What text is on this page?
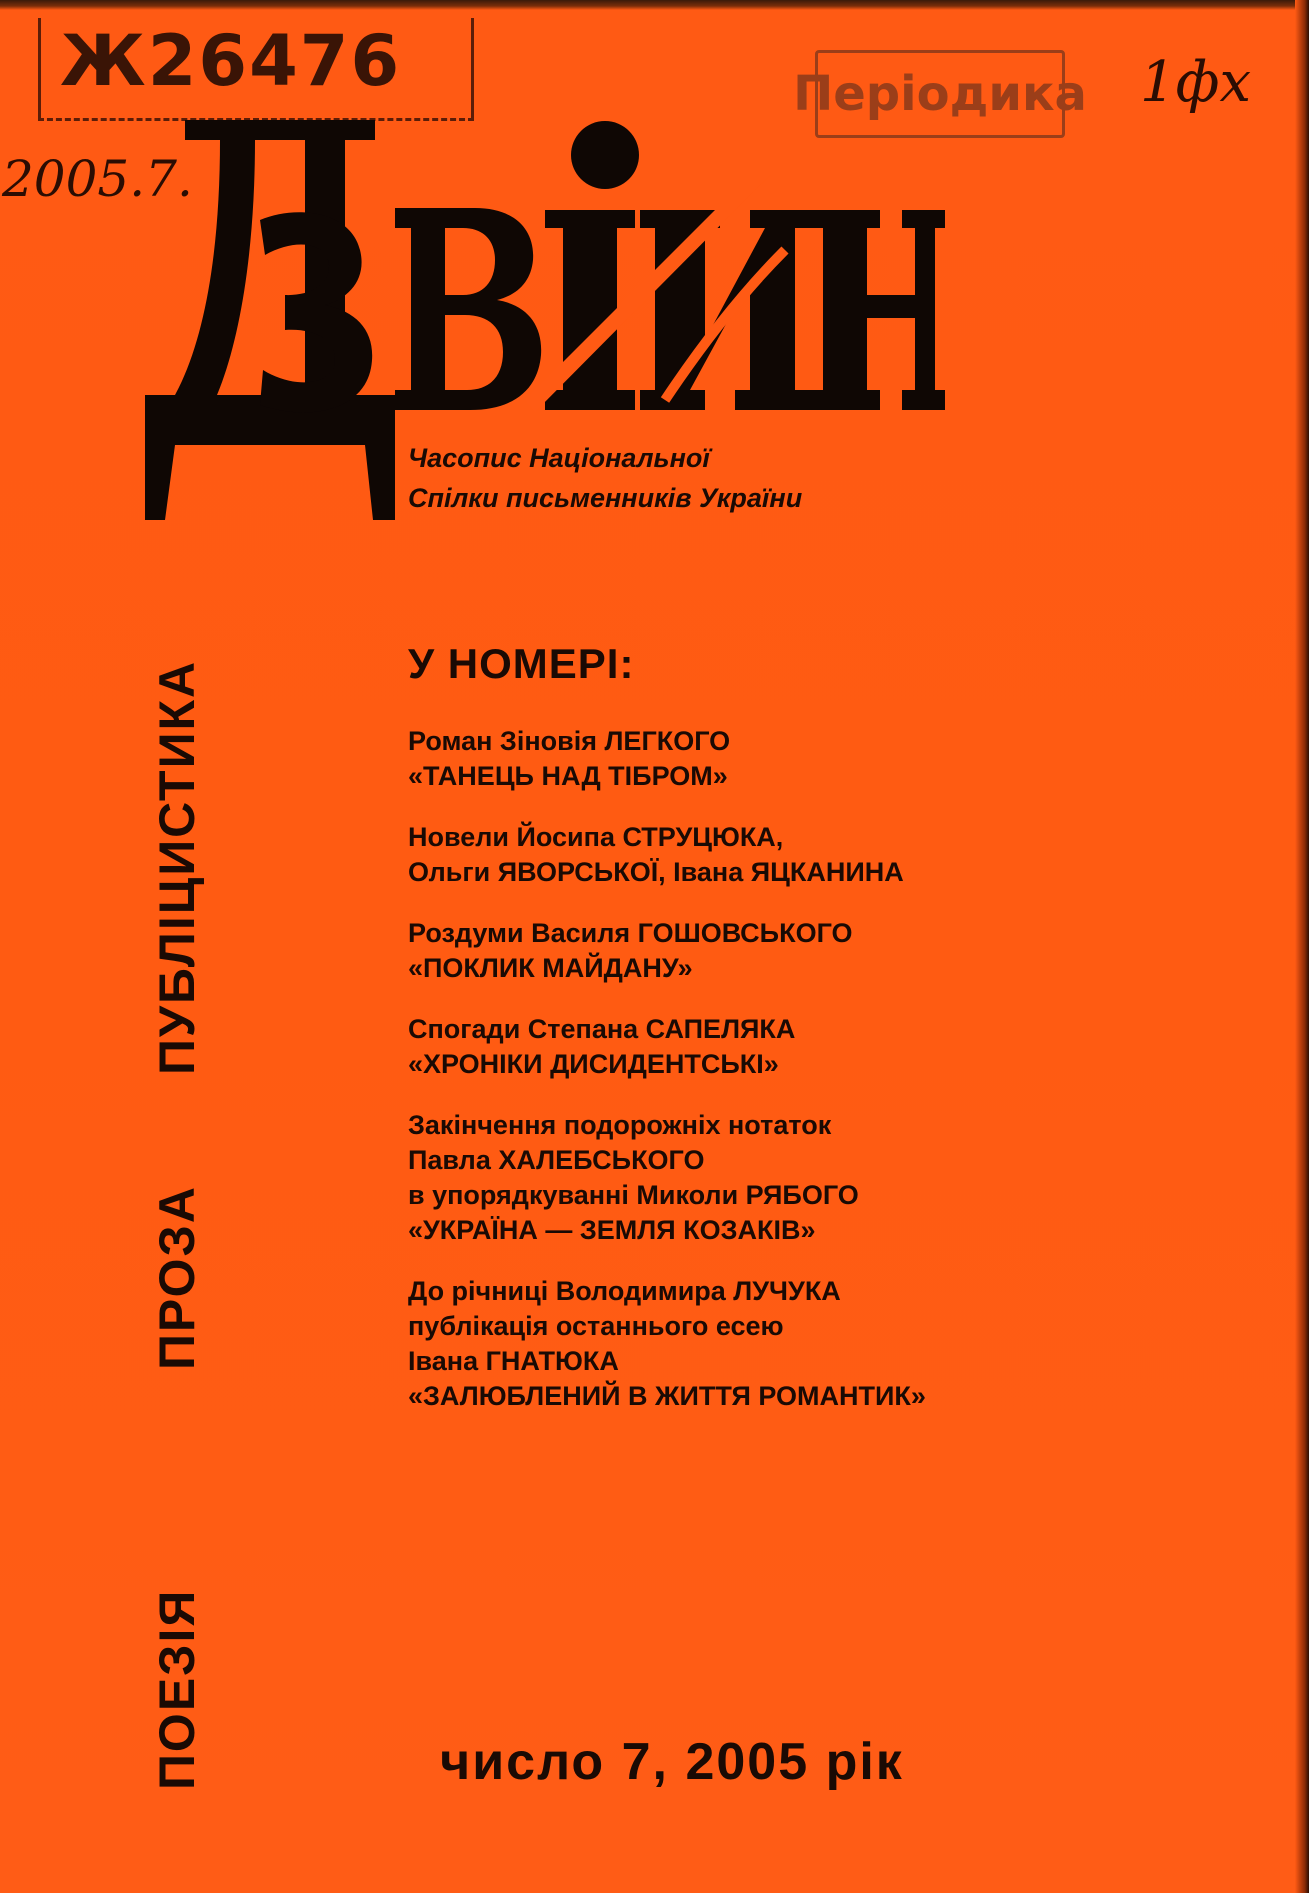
Ж26476
2005.7.
1фх
Періодика
Часопис Національної
Спілки письменників України
ПОЕЗІЯ
ПРОЗА
ПУБЛІЦИСТИКА	У НОМЕРІ:
Роман Зіновія ЛЕГКОГО
«ТАНЕЦЬ НАД ТІБРОМ»
Новели Йосипа СТРУЦЮКА,
Ольги ЯВОРСЬКОЇ, Івана ЯЦКАНИНА
Роздуми Василя ГОШОВСЬКОГО
«ПОКЛИК МАЙДАНУ»
Спогади Степана САПЕЛЯКА
«ХРОНІКИ ДИСИДЕНТСЬКІ»
Закінчення подорожніх нотаток
Павла ХАЛЕБСЬКОГО
в упорядкуванні Миколи РЯБОГО
«УКРАЇНА — ЗЕМЛЯ КОЗАКІВ»
До річниці Володимира ЛУЧУКА
публікація останнього есею
Івана ГНАТЮКА
«ЗАЛЮБЛЕНИЙ В ЖИТТЯ РОМАНТИК»
число 7, 2005 рік
